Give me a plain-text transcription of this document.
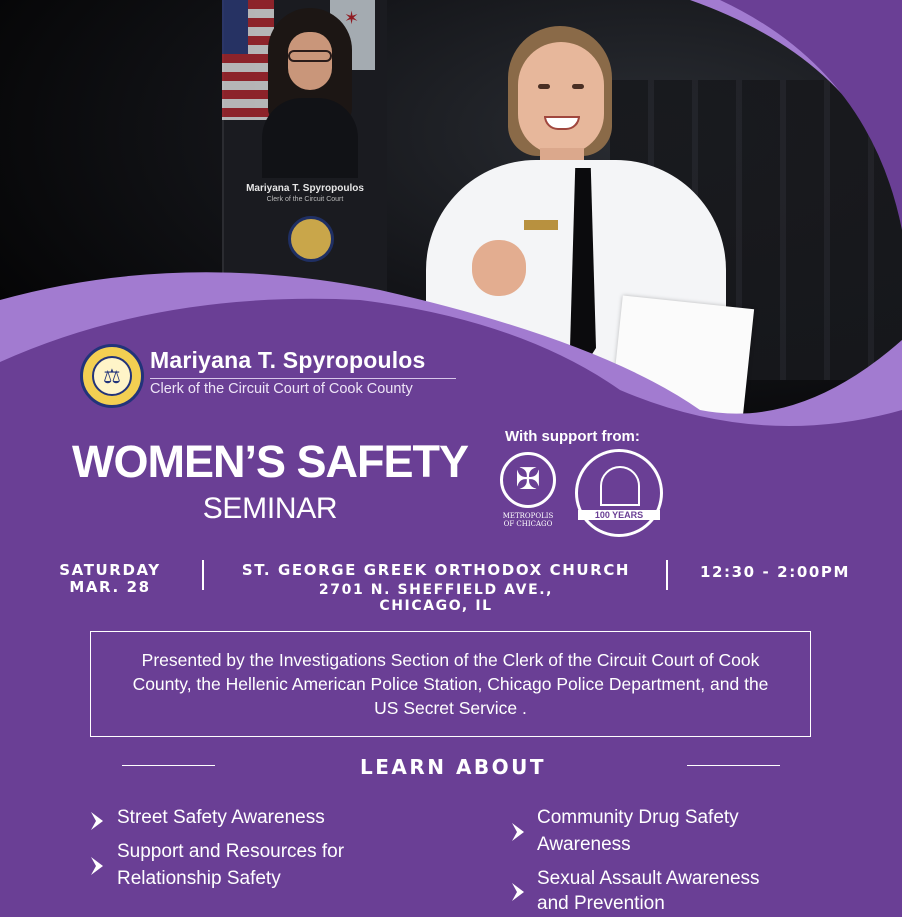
✶
Mariyana T. Spyropoulos
Clerk of the Circuit Court
⚖
Mariyana T. Spyropoulos
Clerk of the Circuit Court of Cook County
WOMEN’S SAFETY
SEMINAR
With support from:
✠
METROPOLIS
OF CHICAGO
100 YEARS
SATURDAY
MAR. 28
ST. GEORGE GREEK ORTHODOX CHURCH
2701 N. SHEFFIELD AVE.,
CHICAGO, IL
12:30 - 2:00PM
Presented by the Investigations Section of the Clerk of the Circuit Court of Cook County, the Hellenic American Police Station, Chicago Police Department, and the US Secret Service .
LEARN ABOUT
Street Safety Awareness
Support and Resources for
Relationship Safety
Community Drug Safety
Awareness
Sexual Assault Awareness
and Prevention
